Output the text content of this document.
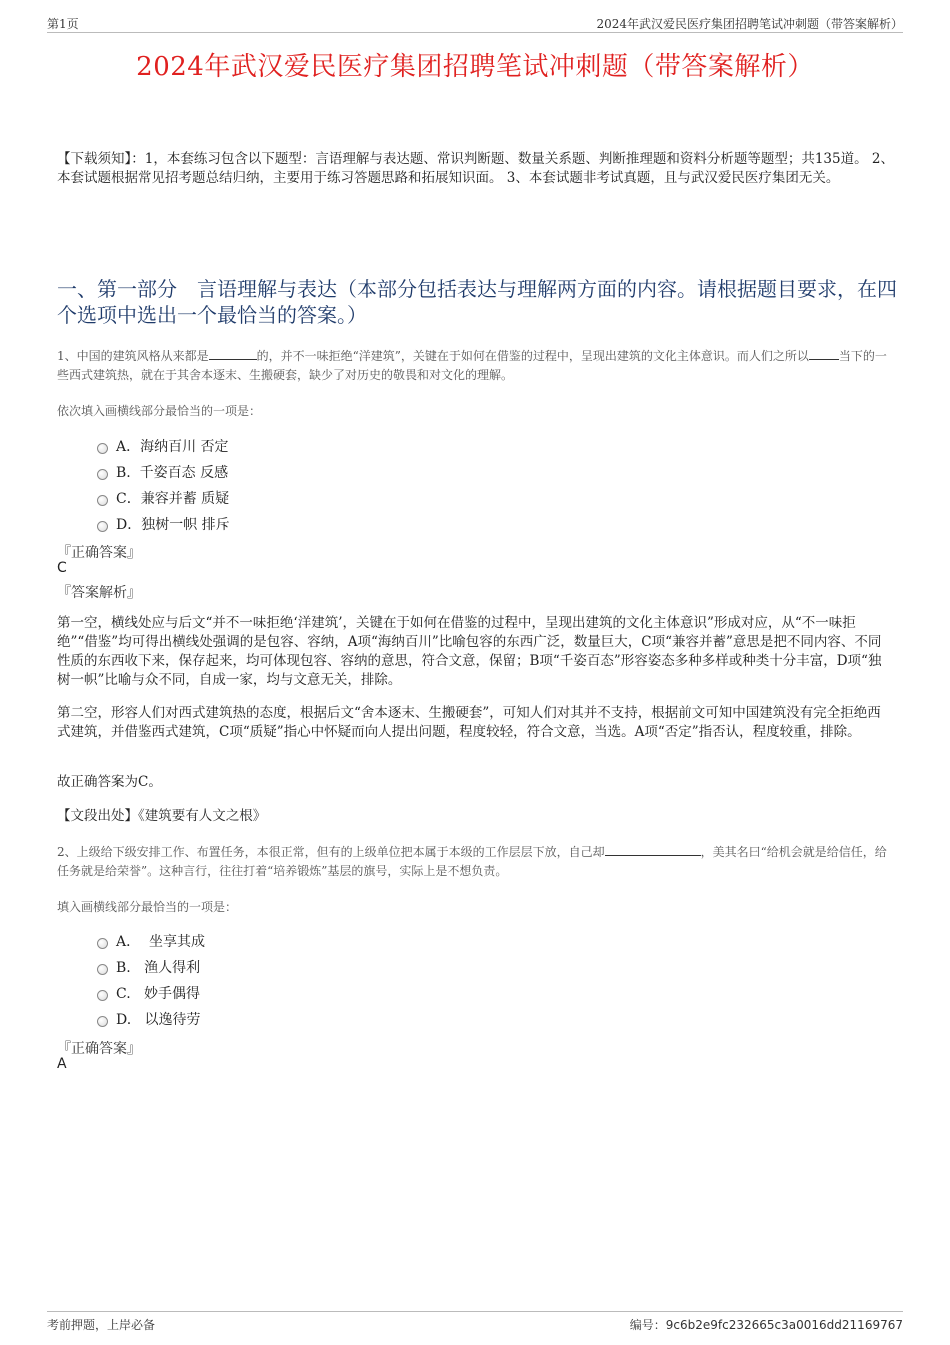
第1页	2024年武汉爱民医疗集团招聘笔试冲刺题（带答案解析）
2024年武汉爱民医疗集团招聘笔试冲刺题（带答案解析）
【下载须知】：1，本套练习包含以下题型：言语理解与表达题、常识判断题、数量关系题、判断推理题和资料分析题等题型；共135道。 2、本套试题根据常见招考题总结归纳，主要用于练习答题思路和拓展知识面。 3、本套试题非考试真题，且与武汉爱民医疗集团无关。
一、第一部分　言语理解与表达（本部分包括表达与理解两方面的内容。请根据题目要求，在四个选项中选出一个最恰当的答案。）
1、中国的建筑风格从来都是	的，并不一味拒绝“洋建筑”，关键在于如何在借鉴的过程中，呈现出建筑的文化主体意识。而人们之所以	当下的一些西式建筑热，就在于其舍本逐末、生搬硬套，缺少了对历史的敬畏和对文化的理解。
依次填入画横线部分最恰当的一项是：
A．海纳百川 否定
B.  千姿百态 反感
C．兼容并蓄 质疑
D．独树一帜 排斥
『正确答案』
C
『答案解析』
第一空，横线处应与后文“并不一味拒绝‘洋建筑’，关键在于如何在借鉴的过程中，呈现出建筑的文化主体意识”形成对应，从“不一味拒绝”“借鉴”均可得出横线处强调的是包容、容纳，A项“海纳百川”比喻包容的东西广泛，数量巨大，C项“兼容并蓄”意思是把不同内容、不同性质的东西收下来，保存起来，均可体现包容、容纳的意思，符合文意，保留；B项“千姿百态”形容姿态多种多样或种类十分丰富，D项“独树一帜”比喻与众不同，自成一家，均与文意无关，排除。
第二空，形容人们对西式建筑热的态度，根据后文“舍本逐末、生搬硬套”，可知人们对其并不支持，根据前文可知中国建筑没有完全拒绝西式建筑，并借鉴西式建筑，C项“质疑”指心中怀疑而向人提出问题，程度较轻，符合文意，当选。A项“否定”指否认，程度较重，排除。
故正确答案为C。
【文段出处】《建筑要有人文之根》
2、上级给下级安排工作、布置任务，本很正常，但有的上级单位把本属于本级的工作层层下放，自己却	，美其名曰“给机会就是给信任，给任务就是给荣誉”。这种言行，往往打着“培养锻炼”基层的旗号，实际上是不想负责。
填入画横线部分最恰当的一项是：
A．  坐享其成
B.   渔人得利
C.   妙手偶得
D.   以逸待劳
『正确答案』
A
考前押题，上岸必备	编号：9c6b2e9fc232665c3a0016dd21169767
